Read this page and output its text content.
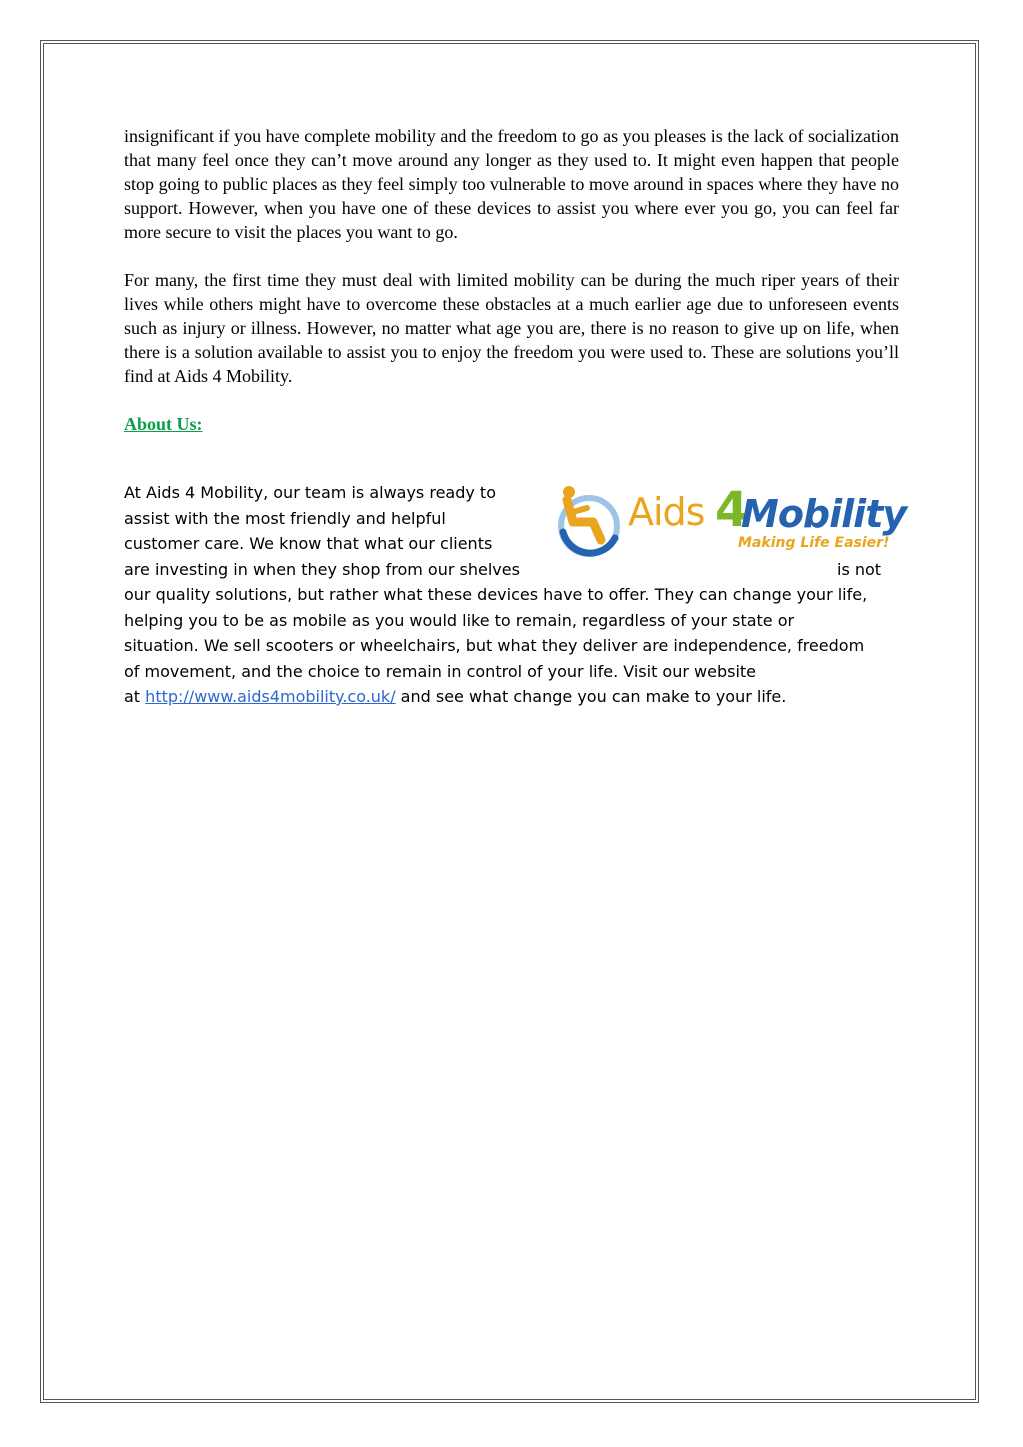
insignificant if you have complete mobility and the freedom to go as you pleases is the lack of socialization that many feel once they can’t move around any longer as they used to. It might even happen that people stop going to public places as they feel simply too vulnerable to move around in spaces where they have no support. However, when you have one of these devices to assist you where ever you go, you can feel far more secure to visit the places you want to go.

For many, the first time they must deal with limited mobility can be during the much riper years of their lives while others might have to overcome these obstacles at a much earlier age due to unforeseen events such as injury or illness. However, no matter what age you are, there is no reason to give up on life, when there is a solution available to assist you to enjoy the freedom you were used to. These are solutions you’ll find at Aids 4 Mobility.

About Us:
Aids 4
Mobility
Making Life Easier!
At Aids 4 Mobility, our team is always ready to
assist with the most friendly and helpful
customer care. We know that what our clients
are investing in when they shop from our shelves	is not
our quality solutions, but rather what these devices have to offer. They can change your life,
helping you to be as mobile as you would like to remain, regardless of your state or
situation. We sell scooters or wheelchairs, but what they deliver are independence, freedom
of movement, and the choice to remain in control of your life. Visit our website
at http://www.aids4mobility.co.uk/ and see what change you can make to your life.
